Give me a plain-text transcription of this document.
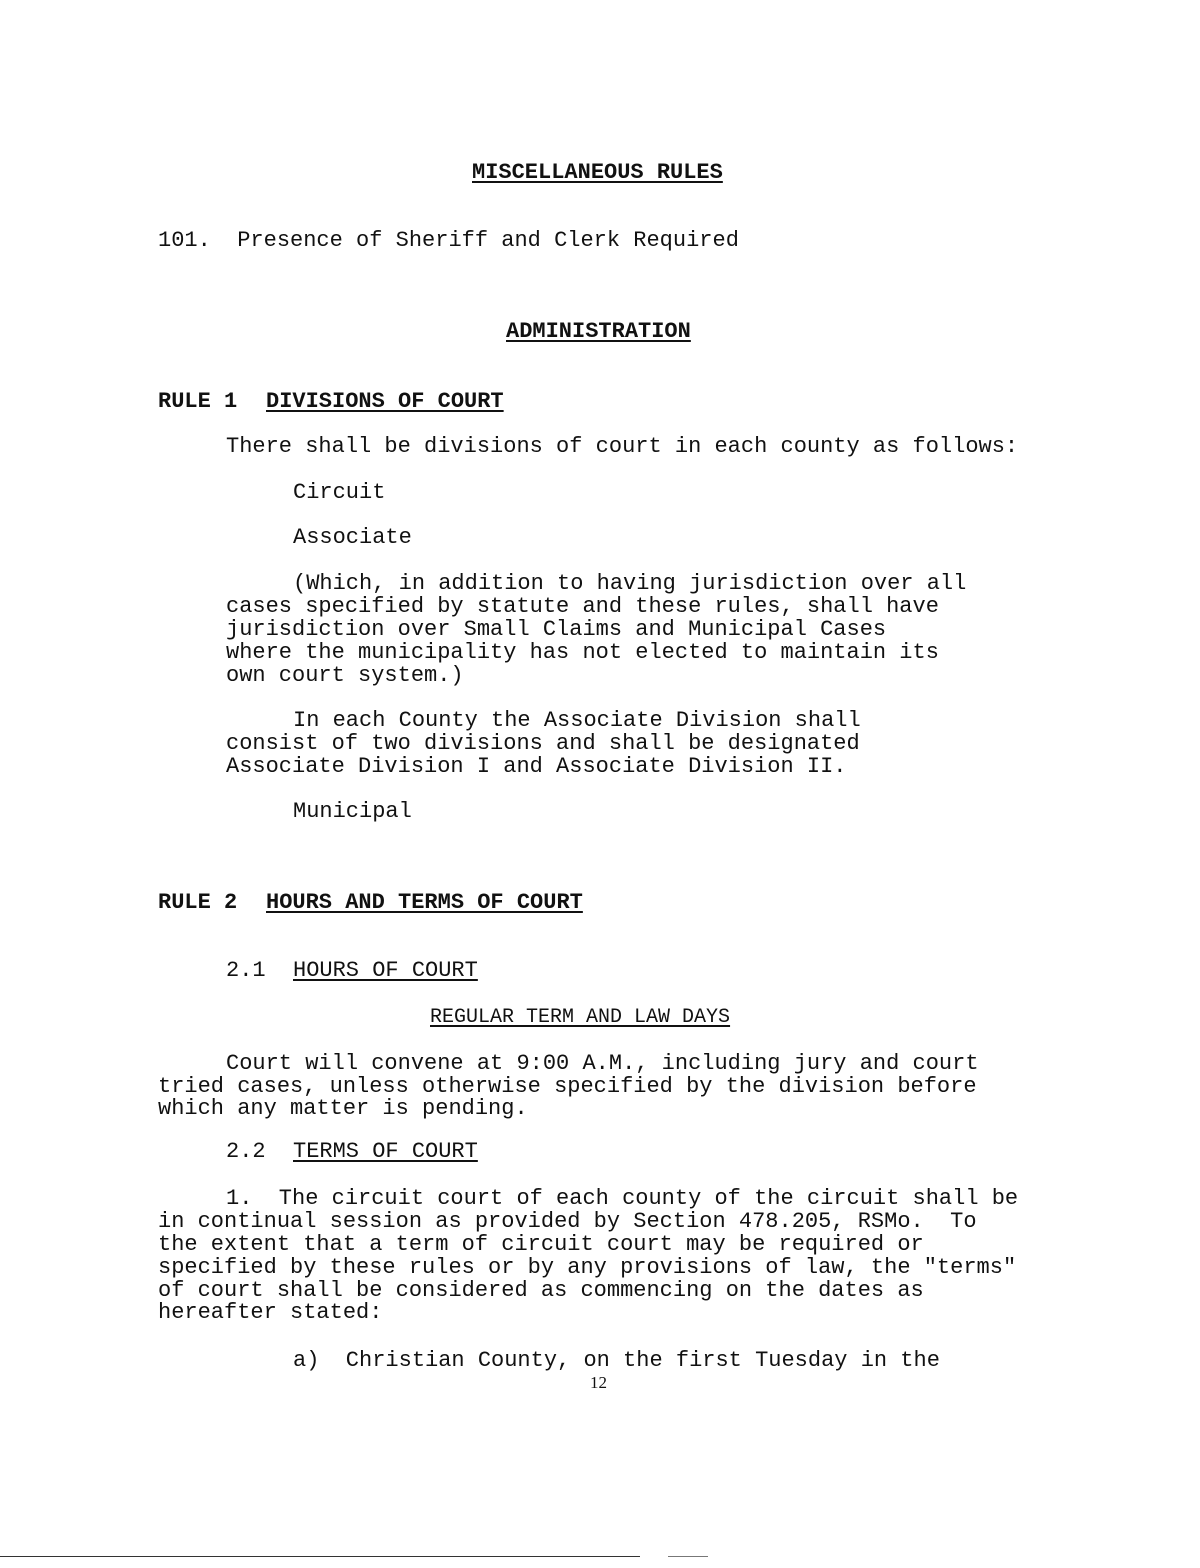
MISCELLANEOUS RULES
101.  Presence of Sheriff and Clerk Required
ADMINISTRATION
RULE 1 DIVISIONS OF COURT
There shall be divisions of court in each county as follows:
Circuit
Associate
(Which, in addition to having jurisdiction over all
cases specified by statute and these rules, shall have
jurisdiction over Small Claims and Municipal Cases
where the municipality has not elected to maintain its
own court system.)
In each County the Associate Division shall
consist of two divisions and shall be designated
Associate Division I and Associate Division II.
Municipal
RULE 2 HOURS AND TERMS OF COURT
2.1 HOURS OF COURT
REGULAR TERM AND LAW DAYS
Court will convene at 9:00 A.M., including jury and court
tried cases, unless otherwise specified by the division before
which any matter is pending.
2.2 TERMS OF COURT
1.  The circuit court of each county of the circuit shall be
in continual session as provided by Section 478.205, RSMo.  To
the extent that a term of circuit court may be required or
specified by these rules or by any provisions of law, the "terms"
of court shall be considered as commencing on the dates as
hereafter stated:
a)  Christian County, on the first Tuesday in the
12
